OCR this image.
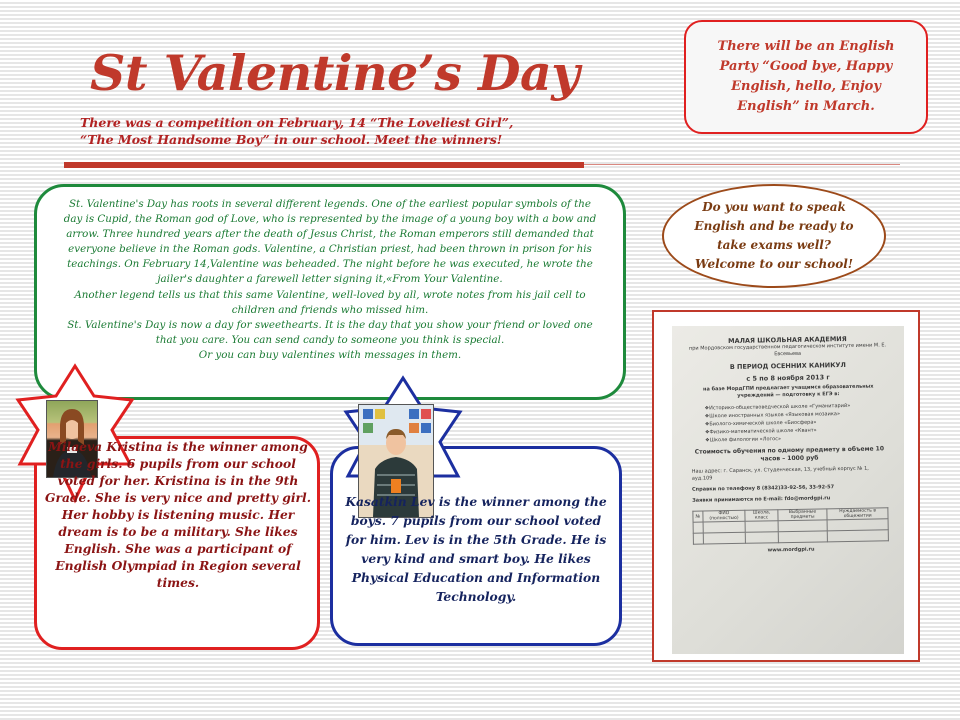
St Valentine’s Day

There was a competition on February, 14 “The Loveliest Girl”, “The Most Handsome Boy” in our school. Meet the winners!

There will be an English Party “Good bye, Happy English, hello, Enjoy English” in March.

St. Valentine's Day has roots in several different legends. One of the earliest popular symbols of the day is Cupid, the Roman god of Love, who is represented by the image of a young boy with a bow and arrow. Three hundred years after the death of Jesus Christ, the Roman emperors still demanded that everyone believe in the Roman gods. Valentine, a Christian priest, had been thrown in prison for his teachings. On February 14,Valentine was beheaded. The night before he was executed, he wrote the jailer's daughter a farewell letter signing it,«From Your Valentine.

Another legend tells us that this same Valentine, well-loved by all, wrote notes from his jail cell to children and friends who missed him.

St. Valentine's Day is now a day for sweethearts. It is the day that you show your friend or loved one that you care. You can send candy to someone you think is special.

Or you can buy valentines with messages in them.

Do you want to speak English and be ready to take exams well? Welcome to our school!

МАЛАЯ ШКОЛЬНАЯ АКАДЕМИЯ
при Мордовском государственном педагогическом институте имени М. Е. Евсевьева
В ПЕРИОД ОСЕННИХ КАНИКУЛ
с 5 по 8 ноября 2013 г
на базе МордГПИ предлагает учащимся образовательных учреждений — подготовку к ЕГЭ в:
❖ Историко-обществоведческой школе «Гуманитарий»
❖ Школе иностранных языков «Языковая мозаика»
❖ Биолого-химической школе «Биосфера»
❖ Физико-математической школе «Квант»
❖ Школе филологии «Логос»
Стоимость обучения по одному предмету в объеме 10 часов – 1000 руб
Наш адрес: г. Саранск, ул. Студенческая, 13, учебный корпус № 1, ауд.109
Справки по телефону 8 (8342)33-92-56, 33-92-57
Заявки принимаются по E-mail: fdo@mordgpi.ru
№	ФИО (полностью)	Школа, класс	Выбранные предметы	Нуждаемость в общежитии

www.mordgpi.ru
Milaeva Kristina is the winner among the girls. 6 pupils from our school voted for her. Kristina is in the 9th Grade. She is very nice and pretty girl. Her hobby is listening music. Her dream is to be a military. She likes English. She was a participant of English Olympiad in Region several times.
Kasatkin Lev is the winner among the boys. 7 pupils from our school voted for him. Lev is in the 5th Grade. He is very kind and smart boy. He likes Physical Education and Information Technology.
